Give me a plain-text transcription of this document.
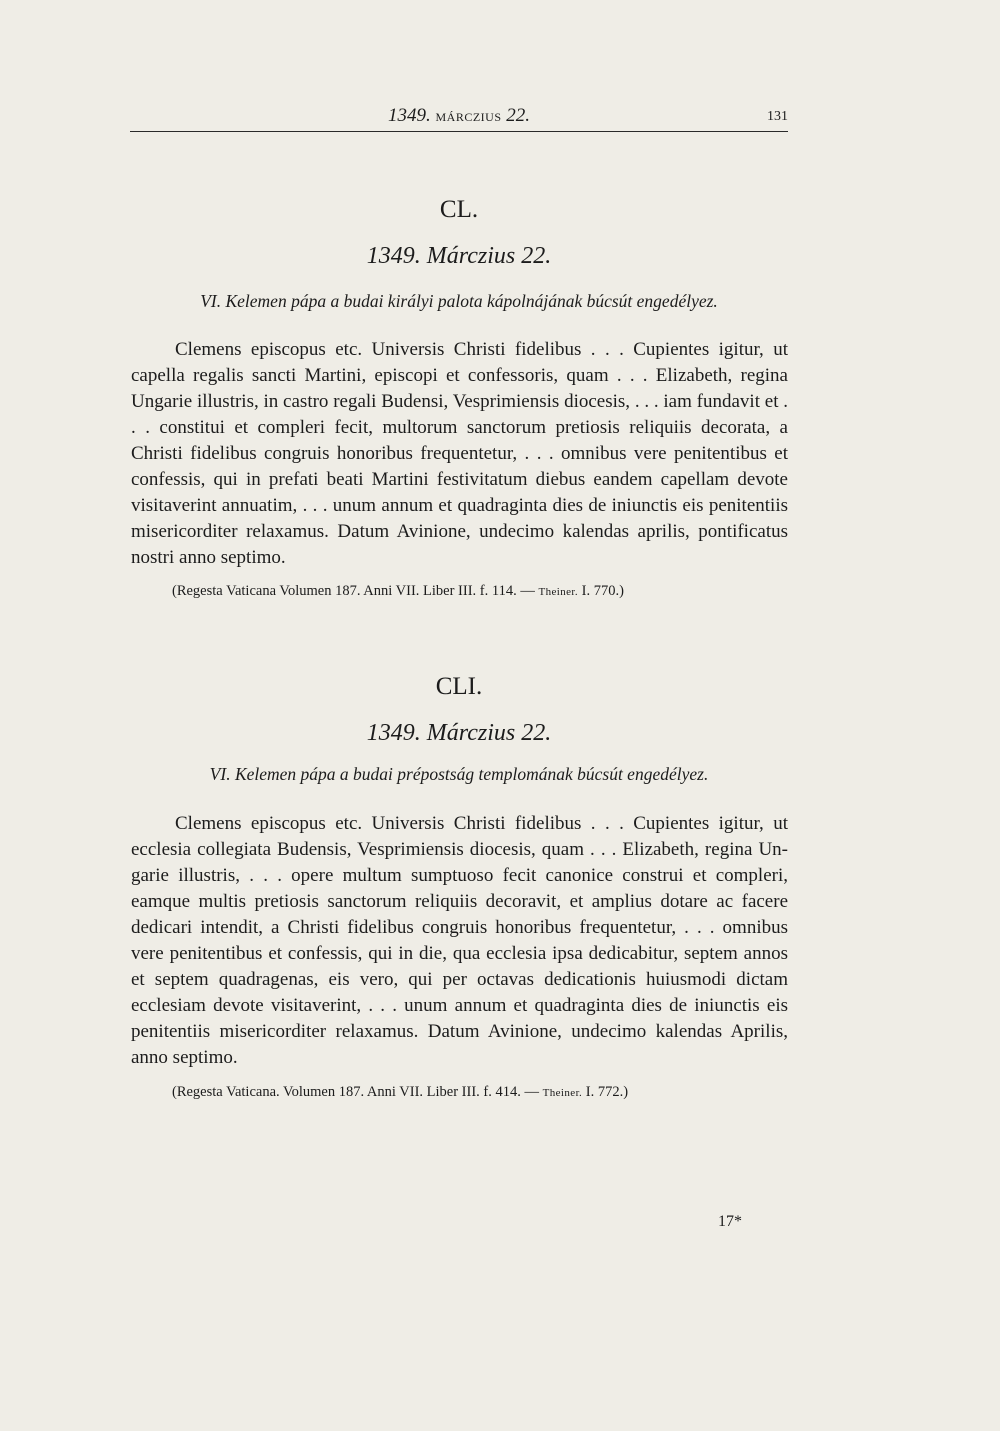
1349. MÁRCZIUS 22.	131
CL.
1349. Márczius 22.
VI. Kelemen pápa a budai királyi palota kápolnájának búcsút engedélyez.
Clemens episcopus etc. Universis Christi fidelibus . . . Cupientes igitur, ut capella regalis sancti Martini, episcopi et confessoris, quam . . . Elizabeth, regina Ungarie illustris, in castro regali Budensi, Vesprimiensis diocesis, . . . iam fundavit et . . . constitui et compleri fecit, multorum sanctorum pretiosis reliquiis decorata, a Christi fidelibus congruis honoribus frequentetur, . . . omnibus vere penitentibus et confessis, qui in prefati beati Martini festivitatum diebus eandem capellam devote visitaverint annuatim, . . . unum annum et quadraginta dies de iniunctis eis penitentiis misericorditer relaxamus. Datum Avinione, undecimo kalendas aprilis, pontificatus nostri anno septimo.
(Regesta Vaticana Volumen 187. Anni VII. Liber III. f. 114. — Theiner. I. 770.)
CLI.
1349. Márczius 22.
VI. Kelemen pápa a budai prépostság templomának búcsút engedélyez.
Clemens episcopus etc. Universis Christi fidelibus . . . Cupientes igitur, ut ecclesia collegiata Budensis, Vesprimiensis diocesis, quam . . . Elizabeth, regina Ungarie illustris, . . . opere multum sumptuoso fecit canonice construi et compleri, eamque multis pretiosis sanctorum reliquiis decoravit, et amplius dotare ac facere dedicari intendit, a Christi fidelibus congruis honoribus frequentetur, . . . omnibus vere penitentibus et confessis, qui in die, qua ecclesia ipsa dedicabitur, septem annos et septem quadragenas, eis vero, qui per octavas dedicationis huiusmodi dictam ecclesiam devote visitaverint, . . . unum annum et quadraginta dies de iniunctis eis penitentiis misericorditer relaxamus. Datum Avinione, undecimo kalendas Aprilis, anno septimo.
(Regesta Vaticana. Volumen 187. Anni VII. Liber III. f. 414. — Theiner. I. 772.)
17*
